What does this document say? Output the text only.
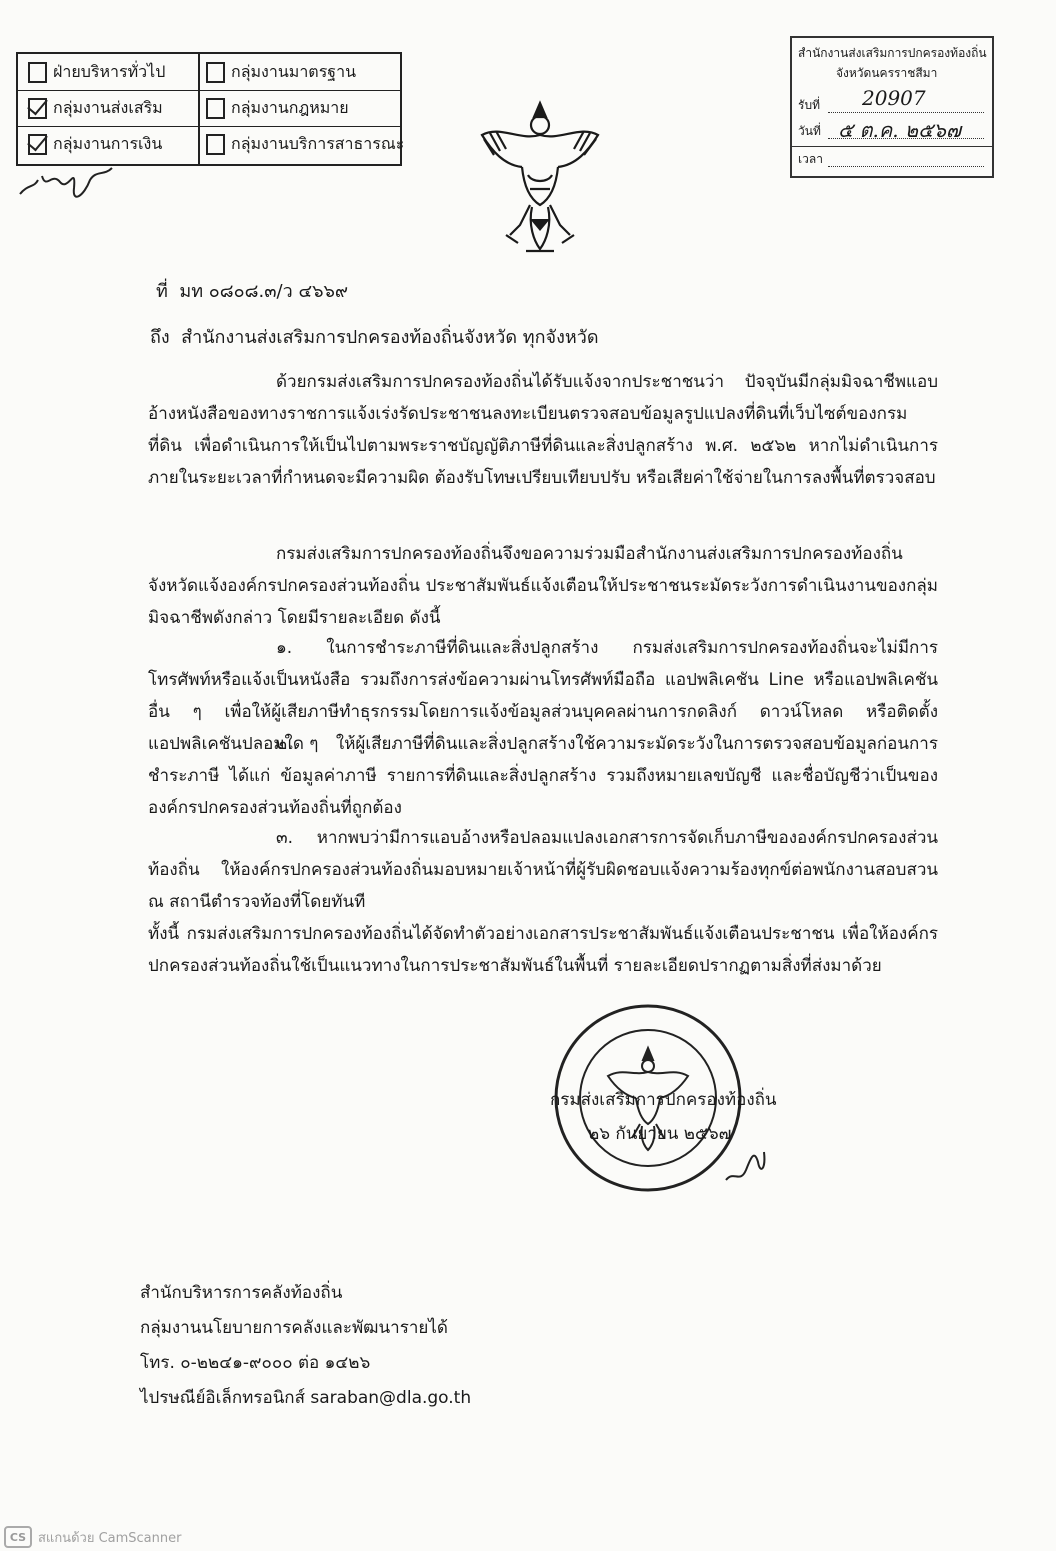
ฝ่ายบริหารทั่วไป	กลุ่มงานมาตรฐาน
กลุ่มงานส่งเสริม	กลุ่มงานกฎหมาย
กลุ่มงานการเงิน	กลุ่มงานบริการสาธารณะ
สำนักงานส่งเสริมการปกครองท้องถิ่น
จังหวัดนครราชสีมา
รับที่ 20907
วันที่ ๕ ต.ค. ๒๕๖๗
เวลา
ที่ มท ๐๘๐๘.๓/ว ๔๖๖๙
ถึง สำนักงานส่งเสริมการปกครองท้องถิ่นจังหวัด ทุกจังหวัด
ด้วยกรมส่งเสริมการปกครองท้องถิ่นได้รับแจ้งจากประชาชนว่า ปัจจุบันมีกลุ่มมิจฉาชีพแอบอ้างหนังสือของทางราชการแจ้งเร่งรัดประชาชนลงทะเบียนตรวจสอบข้อมูลรูปแปลงที่ดินที่เว็บไซต์ของกรมที่ดิน เพื่อดำเนินการให้เป็นไปตามพระราชบัญญัติภาษีที่ดินและสิ่งปลูกสร้าง พ.ศ. ๒๕๖๒ หากไม่ดำเนินการภายในระยะเวลาที่กำหนดจะมีความผิด ต้องรับโทษเปรียบเทียบปรับ หรือเสียค่าใช้จ่ายในการลงพื้นที่ตรวจสอบ
กรมส่งเสริมการปกครองท้องถิ่นจึงขอความร่วมมือสำนักงานส่งเสริมการปกครองท้องถิ่นจังหวัดแจ้งองค์กรปกครองส่วนท้องถิ่น ประชาสัมพันธ์แจ้งเตือนให้ประชาชนระมัดระวังการดำเนินงานของกลุ่มมิจฉาชีพดังกล่าว โดยมีรายละเอียด ดังนี้
๑. ในการชำระภาษีที่ดินและสิ่งปลูกสร้าง กรมส่งเสริมการปกครองท้องถิ่นจะไม่มีการโทรศัพท์หรือแจ้งเป็นหนังสือ รวมถึงการส่งข้อความผ่านโทรศัพท์มือถือ แอปพลิเคชัน Line หรือแอปพลิเคชันอื่น ๆ เพื่อให้ผู้เสียภาษีทำธุรกรรมโดยการแจ้งข้อมูลส่วนบุคคลผ่านการกดลิงก์ ดาวน์โหลด หรือติดตั้งแอปพลิเคชันปลอมใด ๆ
๒. ให้ผู้เสียภาษีที่ดินและสิ่งปลูกสร้างใช้ความระมัดระวังในการตรวจสอบข้อมูลก่อนการชำระภาษี ได้แก่ ข้อมูลค่าภาษี รายการที่ดินและสิ่งปลูกสร้าง รวมถึงหมายเลขบัญชี และชื่อบัญชีว่าเป็นขององค์กรปกครองส่วนท้องถิ่นที่ถูกต้อง
๓. หากพบว่ามีการแอบอ้างหรือปลอมแปลงเอกสารการจัดเก็บภาษีขององค์กรปกครองส่วนท้องถิ่น ให้องค์กรปกครองส่วนท้องถิ่นมอบหมายเจ้าหน้าที่ผู้รับผิดชอบแจ้งความร้องทุกข์ต่อพนักงานสอบสวน ณ สถานีตำรวจท้องที่โดยทันที
ทั้งนี้ กรมส่งเสริมการปกครองท้องถิ่นได้จัดทำตัวอย่างเอกสารประชาสัมพันธ์แจ้งเตือนประชาชน เพื่อให้องค์กรปกครองส่วนท้องถิ่นใช้เป็นแนวทางในการประชาสัมพันธ์ในพื้นที่ รายละเอียดปรากฏตามสิ่งที่ส่งมาด้วย
กรมส่งเสริมการปกครองท้องถิ่น
๒๖ กันยายน ๒๕๖๗
สำนักบริหารการคลังท้องถิ่น
กลุ่มงานนโยบายการคลังและพัฒนารายได้
โทร. ๐-๒๒๔๑-๙๐๐๐ ต่อ ๑๔๒๖
ไปรษณีย์อิเล็กทรอนิกส์ saraban@dla.go.th
CS สแกนด้วย CamScanner
